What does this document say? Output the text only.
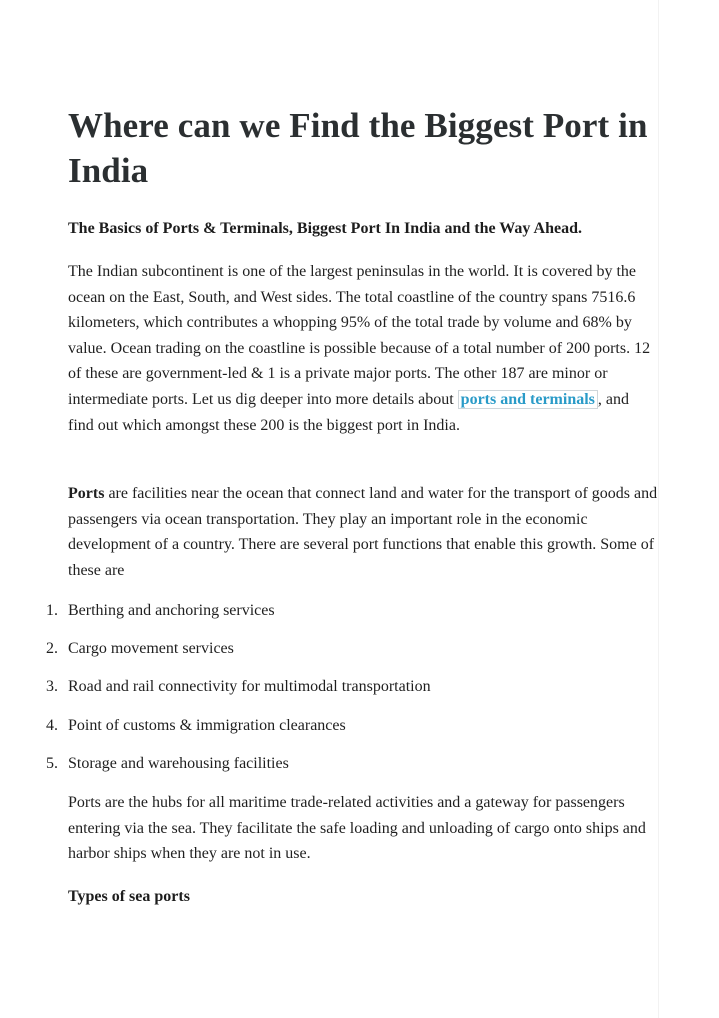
Where can we Find the Biggest Port in India

The Basics of Ports & Terminals, Biggest Port In India and the Way Ahead.

The Indian subcontinent is one of the largest peninsulas in the world. It is covered by the ocean on the East, South, and West sides. The total coastline of the country spans 7516.6 kilometers, which contributes a whopping 95% of the total trade by volume and 68% by value. Ocean trading on the coastline is possible because of a total number of 200 ports. 12 of these are government-led & 1 is a private major ports. The other 187 are minor or intermediate ports. Let us dig deeper into more details about ports and terminals , and find out which amongst these 200 is the biggest port in India.

Ports are facilities near the ocean that connect land and water for the transport of goods and passengers via ocean transportation. They play an important role in the economic development of a country. There are several port functions that enable this growth. Some of these are

1. Berthing and anchoring services
2. Cargo movement services
3. Road and rail connectivity for multimodal transportation
4. Point of customs & immigration clearances
5. Storage and warehousing facilities

Ports are the hubs for all maritime trade-related activities and a gateway for passengers entering via the sea. They facilitate the safe loading and unloading of cargo onto ships and harbor ships when they are not in use.

Types of sea ports
